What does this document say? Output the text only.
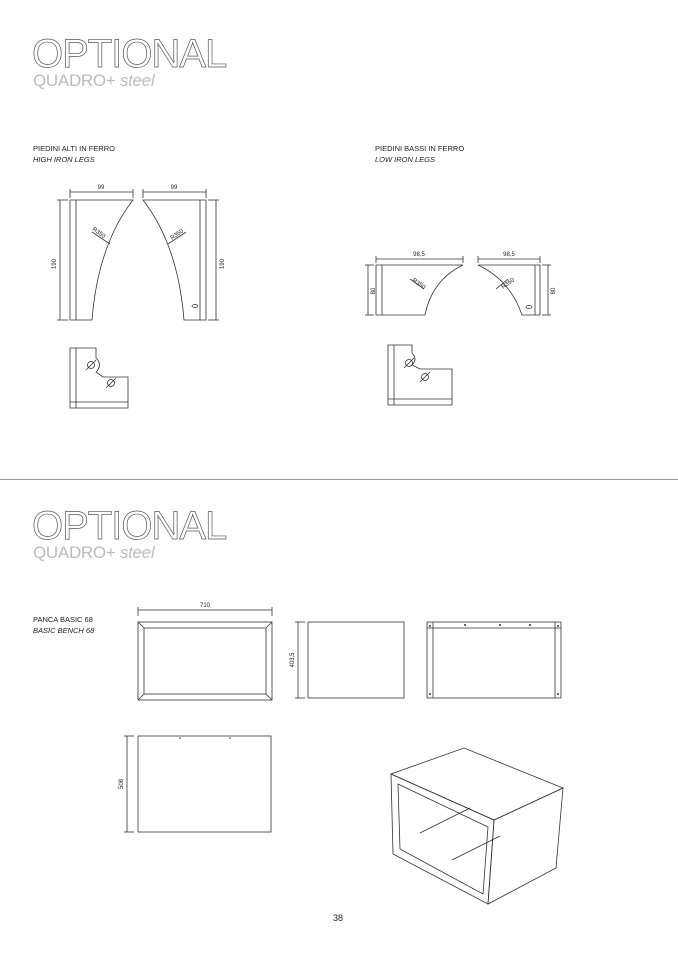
OPTIONAL
QUADRO+ steel
PIEDINI ALTI IN FERRO
HIGH IRON LEGS
PIEDINI BASSI IN FERRO
LOW IRON LEGS
99	99
190	190
R350	R350
98,5	98,5
80	80
R350	R350
OPTIONAL
QUADRO+ steel
PANCA BASIC 68
BASIC BENCH 68
710
403,5
508
38
